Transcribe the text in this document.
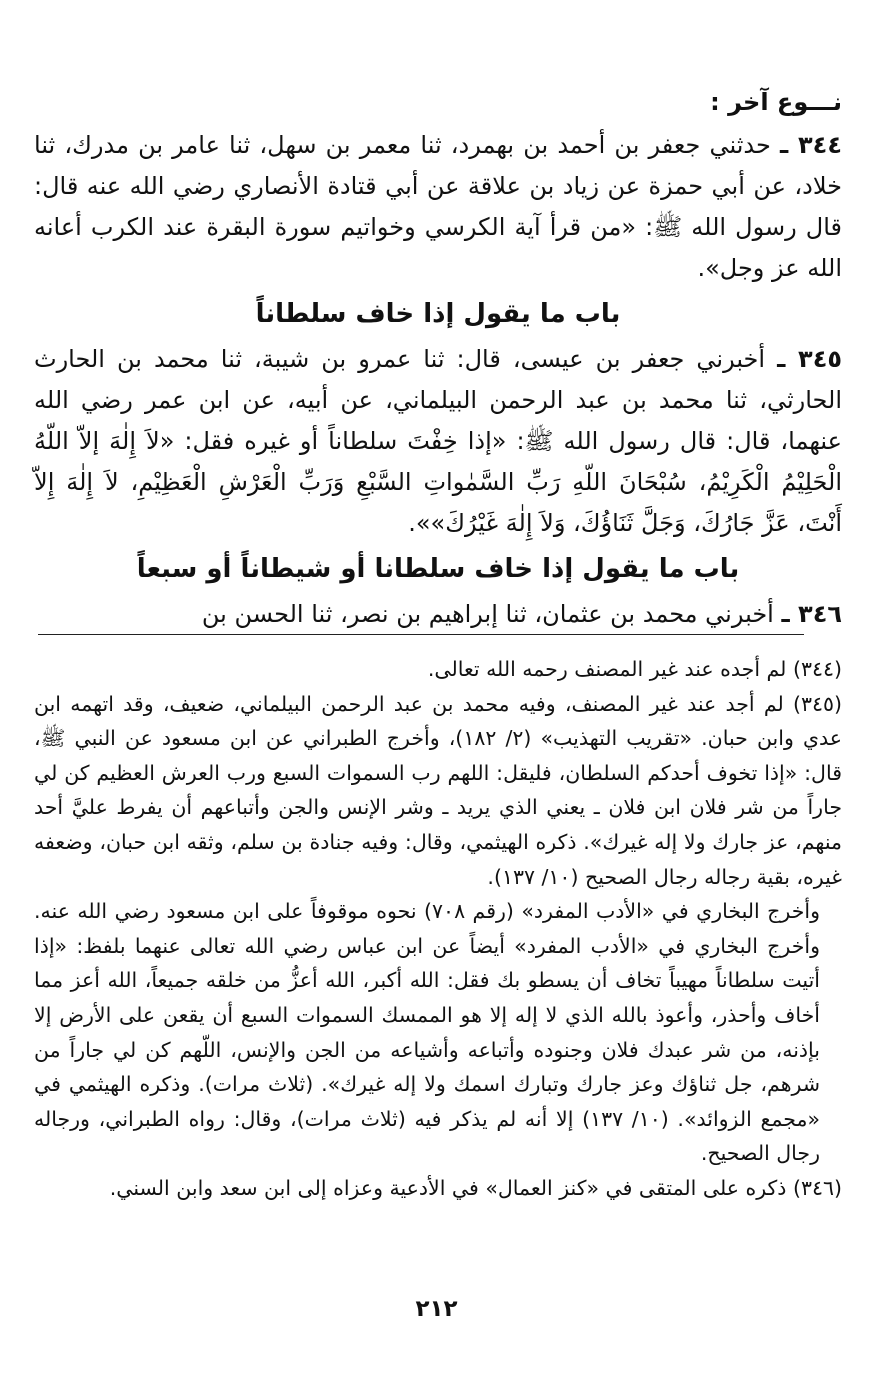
نـــوع آخر :

٣٤٤ ـ حدثني جعفر بن أحمد بن بهمرد، ثنا معمر بن سهل، ثنا عامر بن مدرك، ثنا خلاد، عن أبي حمزة عن زياد بن علاقة عن أبي قتادة الأنصاري رضي الله عنه قال: قال رسول الله ﷺ: «من قرأ آية الكرسي وخواتيم سورة البقرة عند الكرب أعانه الله عز وجل».

باب ما يقول إذا خاف سلطاناً

٣٤٥ ـ أخبرني جعفر بن عيسى، قال: ثنا عمرو بن شيبة، ثنا محمد بن الحارث الحارثي، ثنا محمد بن عبد الرحمن البيلماني، عن أبيه، عن ابن عمر رضي الله عنهما، قال: قال رسول الله ﷺ: «إذا خِفْتَ سلطاناً أو غيره فقل: «لاَ إِلٰهَ إلاّ اللّهُ الْحَلِيْمُ الْكَرِيْمُ، سُبْحَانَ اللّهِ رَبِّ السَّمٰواتِ السَّبْعِ وَرَبِّ الْعَرْشِ الْعَظِيْمِ، لاَ إِلٰهَ إِلاّ أَنْتَ، عَزَّ جَارُكَ، وَجَلَّ ثَنَاؤُكَ، وَلاَ إِلٰهَ غَيْرُكَ»».

باب ما يقول إذا خاف سلطانا أو شيطاناً أو سبعاً

٣٤٦ ـ أخبرني محمد بن عثمان، ثنا إبراهيم بن نصر، ثنا الحسن بن

(٣٤٤) لم أجده عند غير المصنف رحمه الله تعالى.

(٣٤٥) لم أجد عند غير المصنف، وفيه محمد بن عبد الرحمن البيلماني، ضعيف، وقد اتهمه ابن عدي وابن حبان. «تقريب التهذيب» (٢/ ١٨٢)، وأخرج الطبراني عن ابن مسعود عن النبي ﷺ، قال: «إذا تخوف أحدكم السلطان، فليقل: اللهم رب السموات السبع ورب العرش العظيم كن لي جاراً من شر فلان ابن فلان ـ يعني الذي يريد ـ وشر الإنس والجن وأتباعهم أن يفرط عليَّ أحد منهم، عز جارك ولا إله غيرك». ذكره الهيثمي، وقال: وفيه جنادة بن سلم، وثقه ابن حبان، وضعفه غيره، بقية رجاله رجال الصحيح (١٠/ ١٣٧).

وأخرج البخاري في «الأدب المفرد» (رقم ٧٠٨) نحوه موقوفاً على ابن مسعود رضي الله عنه. وأخرج البخاري في «الأدب المفرد» أيضاً عن ابن عباس رضي الله تعالى عنهما بلفظ: «إذا أتيت سلطاناً مهيباً تخاف أن يسطو بك فقل: الله أكبر، الله أعزُّ من خلقه جميعاً، الله أعز مما أخاف وأحذر، وأعوذ بالله الذي لا إله إلا هو الممسك السموات السبع أن يقعن على الأرض إلا بإذنه، من شر عبدك فلان وجنوده وأتباعه وأشياعه من الجن والإنس، اللّهم كن لي جاراً من شرهم، جل ثناؤك وعز جارك وتبارك اسمك ولا إله غيرك». (ثلاث مرات). وذكره الهيثمي في «مجمع الزوائد». (١٠/ ١٣٧) إلا أنه لم يذكر فيه (ثلاث مرات)، وقال: رواه الطبراني، ورجاله رجال الصحيح.

(٣٤٦) ذكره على المتقى في «كنز العمال» في الأدعية وعزاه إلى ابن سعد وابن السني.

٢١٢
